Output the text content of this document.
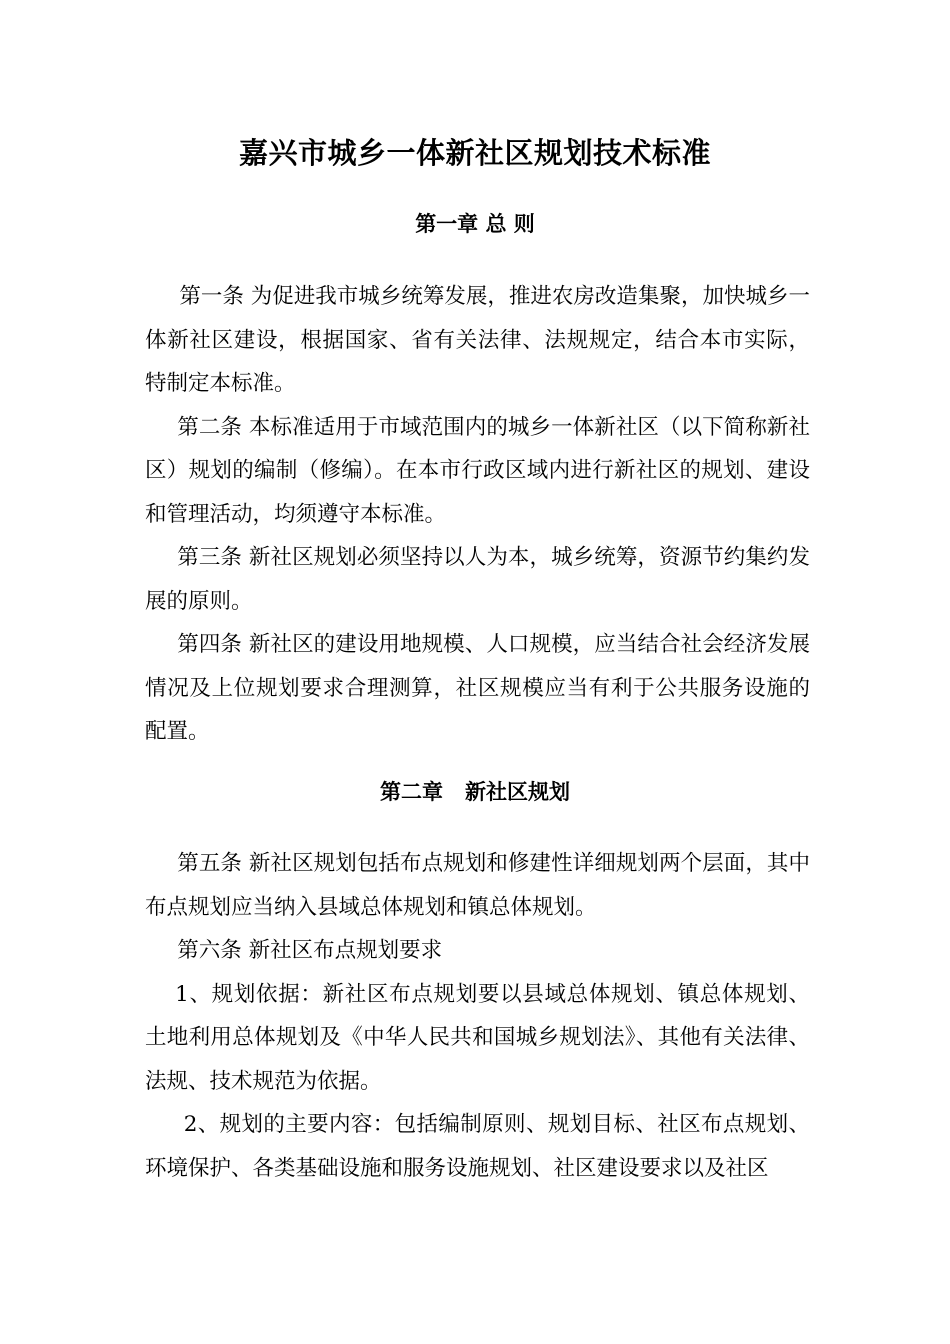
嘉兴市城乡一体新社区规划技术标准
第一章 总 则

第一条 为促进我市城乡统筹发展，推进农房改造集聚，加快城乡一体新社区建设，根据国家、省有关法律、法规规定，结合本市实际，特制定本标准。

第二条 本标准适用于市域范围内的城乡一体新社区（以下简称新社区）规划的编制（修编）。在本市行政区域内进行新社区的规划、建设和管理活动，均须遵守本标准。

第三条 新社区规划必须坚持以人为本，城乡统筹，资源节约集约发展的原则。

第四条 新社区的建设用地规模、人口规模，应当结合社会经济发展情况及上位规划要求合理测算，社区规模应当有利于公共服务设施的配置。

第二章   新社区规划

第五条 新社区规划包括布点规划和修建性详细规划两个层面，其中布点规划应当纳入县域总体规划和镇总体规划。

第六条 新社区布点规划要求

1、规划依据：新社区布点规划要以县域总体规划、镇总体规划、土地利用总体规划及《中华人民共和国城乡规划法》、其他有关法律、法规、技术规范为依据。

2、规划的主要内容：包括编制原则、规划目标、社区布点规划、环境保护、各类基础设施和服务设施规划、社区建设要求以及社区
